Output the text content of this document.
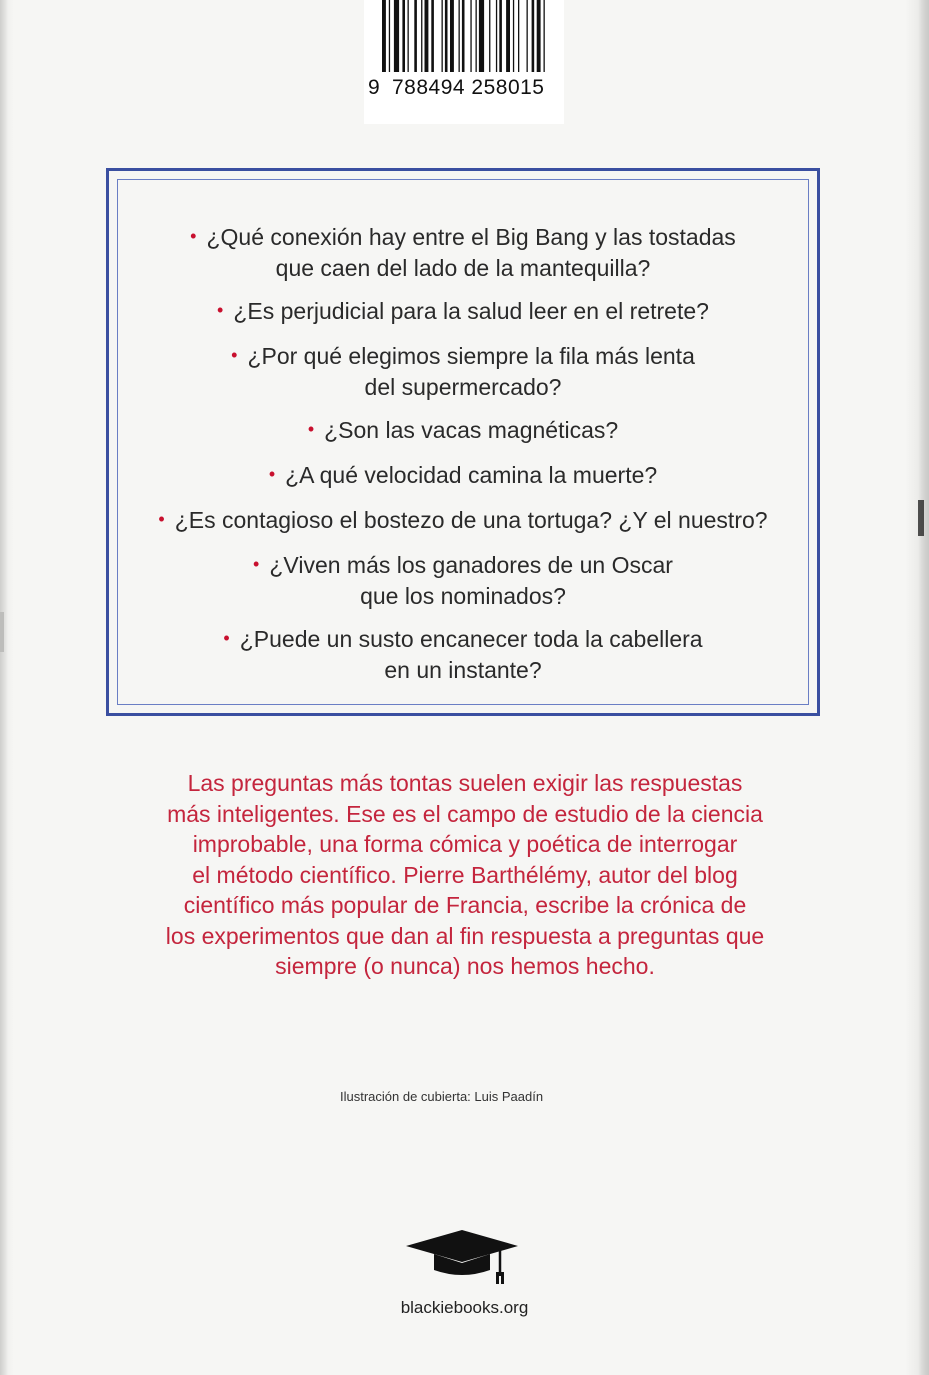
9 788494 258015
• ¿Qué conexión hay entre el Big Bang y las tostadas
que caen del lado de la mantequilla?
• ¿Es perjudicial para la salud leer en el retrete?
• ¿Por qué elegimos siempre la fila más lenta
del supermercado?
• ¿Son las vacas magnéticas?
• ¿A qué velocidad camina la muerte?
• ¿Es contagioso el bostezo de una tortuga? ¿Y el nuestro?
• ¿Viven más los ganadores de un Oscar
que los nominados?
• ¿Puede un susto encanecer toda la cabellera
en un instante?

Las preguntas más tontas suelen exigir las respuestas
más inteligentes. Ese es el campo de estudio de la ciencia
improbable, una forma cómica y poética de interrogar
el método científico. Pierre Barthélémy, autor del blog
científico más popular de Francia, escribe la crónica de
los experimentos que dan al fin respuesta a preguntas que
siempre (o nunca) nos hemos hecho.

Ilustración de cubierta: Luis Paadín
blackiebooks.org
